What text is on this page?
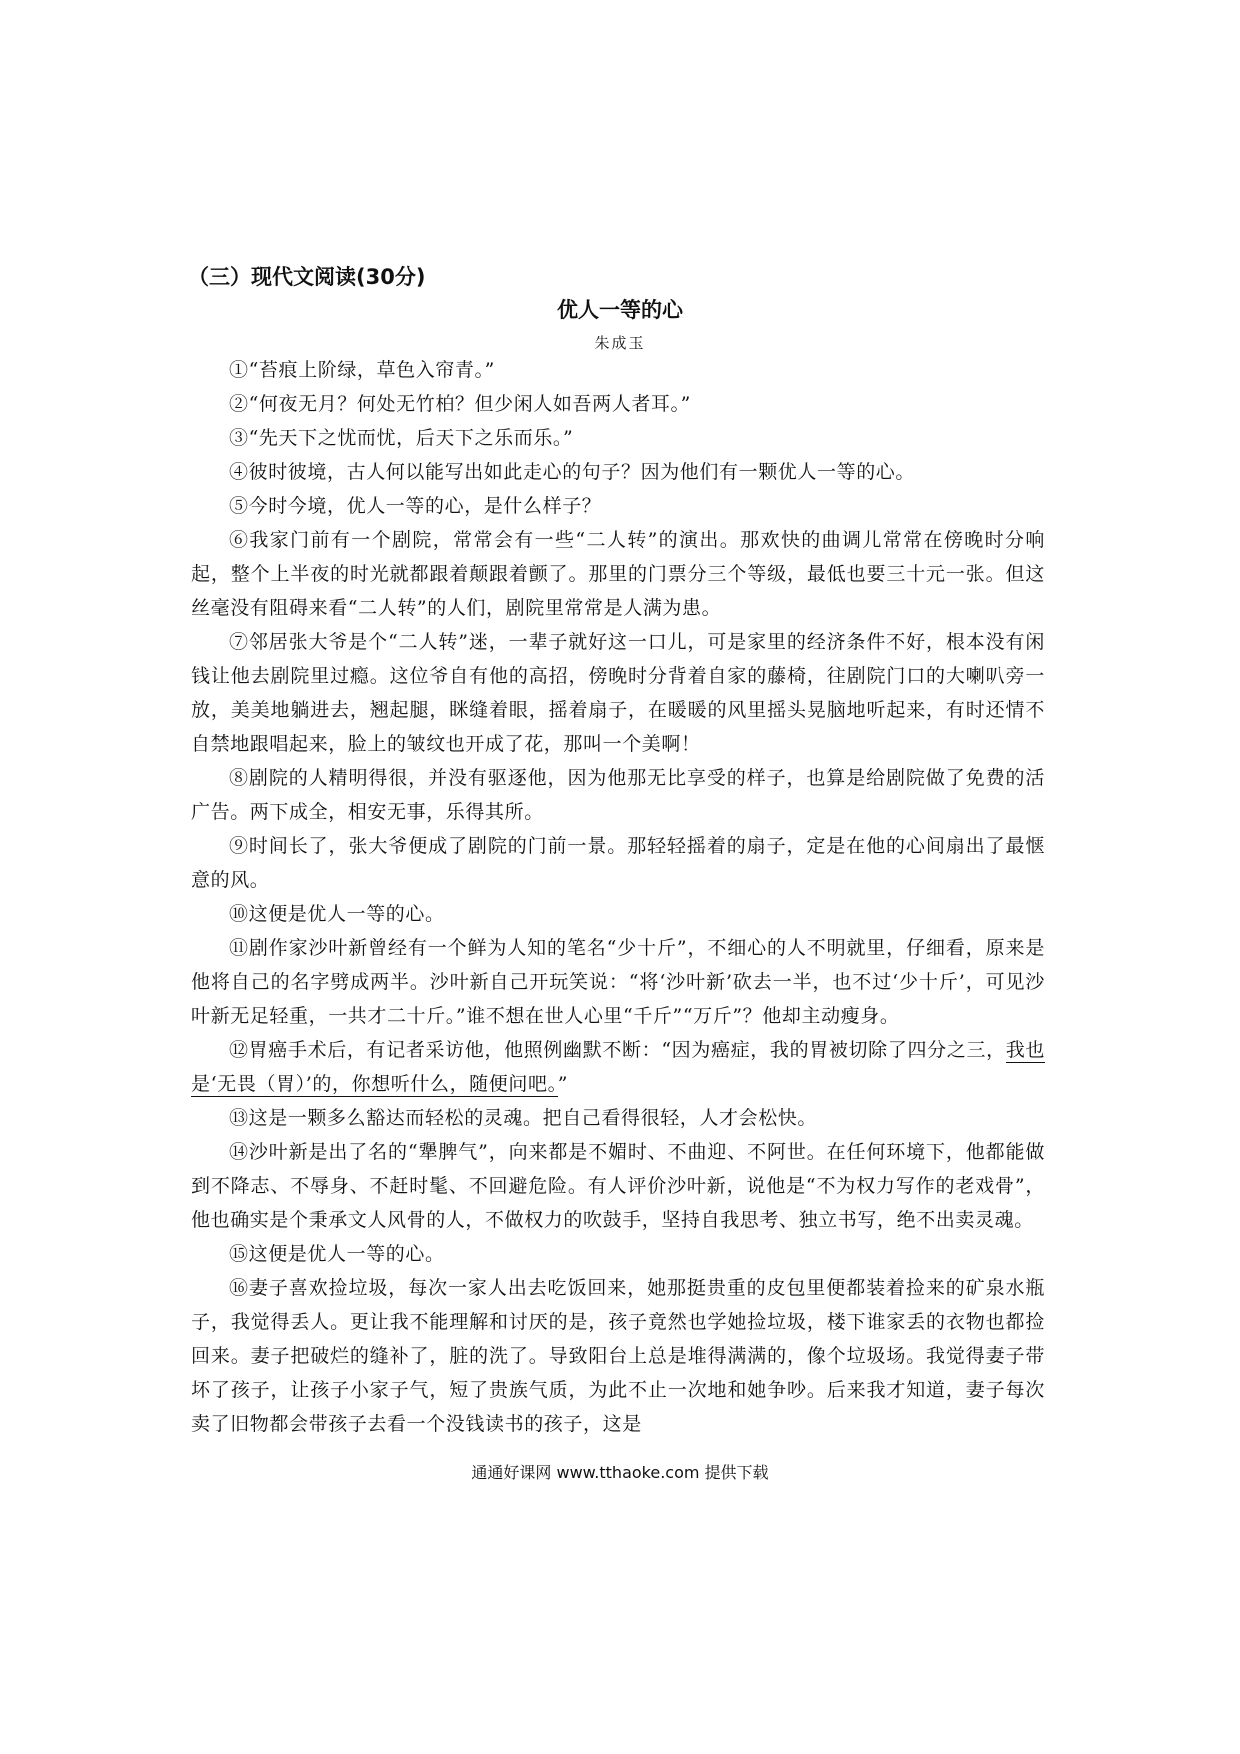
（三）现代文阅读(30分)
优人一等的心
朱成玉

①“苔痕上阶绿，草色入帘青。”

②“何夜无月？何处无竹柏？但少闲人如吾两人者耳。”

③“先天下之忧而忧，后天下之乐而乐。”

④彼时彼境，古人何以能写出如此走心的句子？因为他们有一颗优人一等的心。

⑤今时今境，优人一等的心，是什么样子？

⑥我家门前有一个剧院，常常会有一些“二人转”的演出。那欢快的曲调儿常常在傍晚时分响起，整个上半夜的时光就都跟着颠跟着颤了。那里的门票分三个等级，最低也要三十元一张。但这丝毫没有阻碍来看“二人转”的人们，剧院里常常是人满为患。

⑦邻居张大爷是个“二人转”迷，一辈子就好这一口儿，可是家里的经济条件不好，根本没有闲钱让他去剧院里过瘾。这位爷自有他的高招，傍晚时分背着自家的藤椅，往剧院门口的大喇叭旁一放，美美地躺进去，翘起腿，眯缝着眼，摇着扇子，在暖暖的风里摇头晃脑地听起来，有时还情不自禁地跟唱起来，脸上的皱纹也开成了花，那叫一个美啊！

⑧剧院的人精明得很，并没有驱逐他，因为他那无比享受的样子，也算是给剧院做了免费的活广告。两下成全，相安无事，乐得其所。

⑨时间长了，张大爷便成了剧院的门前一景。那轻轻摇着的扇子，定是在他的心间扇出了最惬意的风。

⑩这便是优人一等的心。

⑪剧作家沙叶新曾经有一个鲜为人知的笔名“少十斤”，不细心的人不明就里，仔细看，原来是他将自己的名字劈成两半。沙叶新自己开玩笑说：“将‘沙叶新’砍去一半，也不过‘少十斤’，可见沙叶新无足轻重，一共才二十斤。”谁不想在世人心里“千斤”“万斤”？他却主动瘦身。

⑫胃癌手术后，有记者采访他，他照例幽默不断：“因为癌症，我的胃被切除了四分之三，我也是‘无畏（胃）’的，你想听什么，随便问吧。”

⑬这是一颗多么豁达而轻松的灵魂。把自己看得很轻，人才会松快。

⑭沙叶新是出了名的“犟脾气”，向来都是不媚时、不曲迎、不阿世。在任何环境下，他都能做到不降志、不辱身、不赶时髦、不回避危险。有人评价沙叶新，说他是“不为权力写作的老戏骨”，他也确实是个秉承文人风骨的人，不做权力的吹鼓手，坚持自我思考、独立书写，绝不出卖灵魂。

⑮这便是优人一等的心。

⑯妻子喜欢捡垃圾，每次一家人出去吃饭回来，她那挺贵重的皮包里便都装着捡来的矿泉水瓶子，我觉得丢人。更让我不能理解和讨厌的是，孩子竟然也学她捡垃圾，楼下谁家丢的衣物也都捡回来。妻子把破烂的缝补了，脏的洗了。导致阳台上总是堆得满满的，像个垃圾场。我觉得妻子带坏了孩子，让孩子小家子气，短了贵族气质，为此不止一次地和她争吵。后来我才知道，妻子每次卖了旧物都会带孩子去看一个没钱读书的孩子，这是

通通好课网 www.tthaoke.com 提供下载
